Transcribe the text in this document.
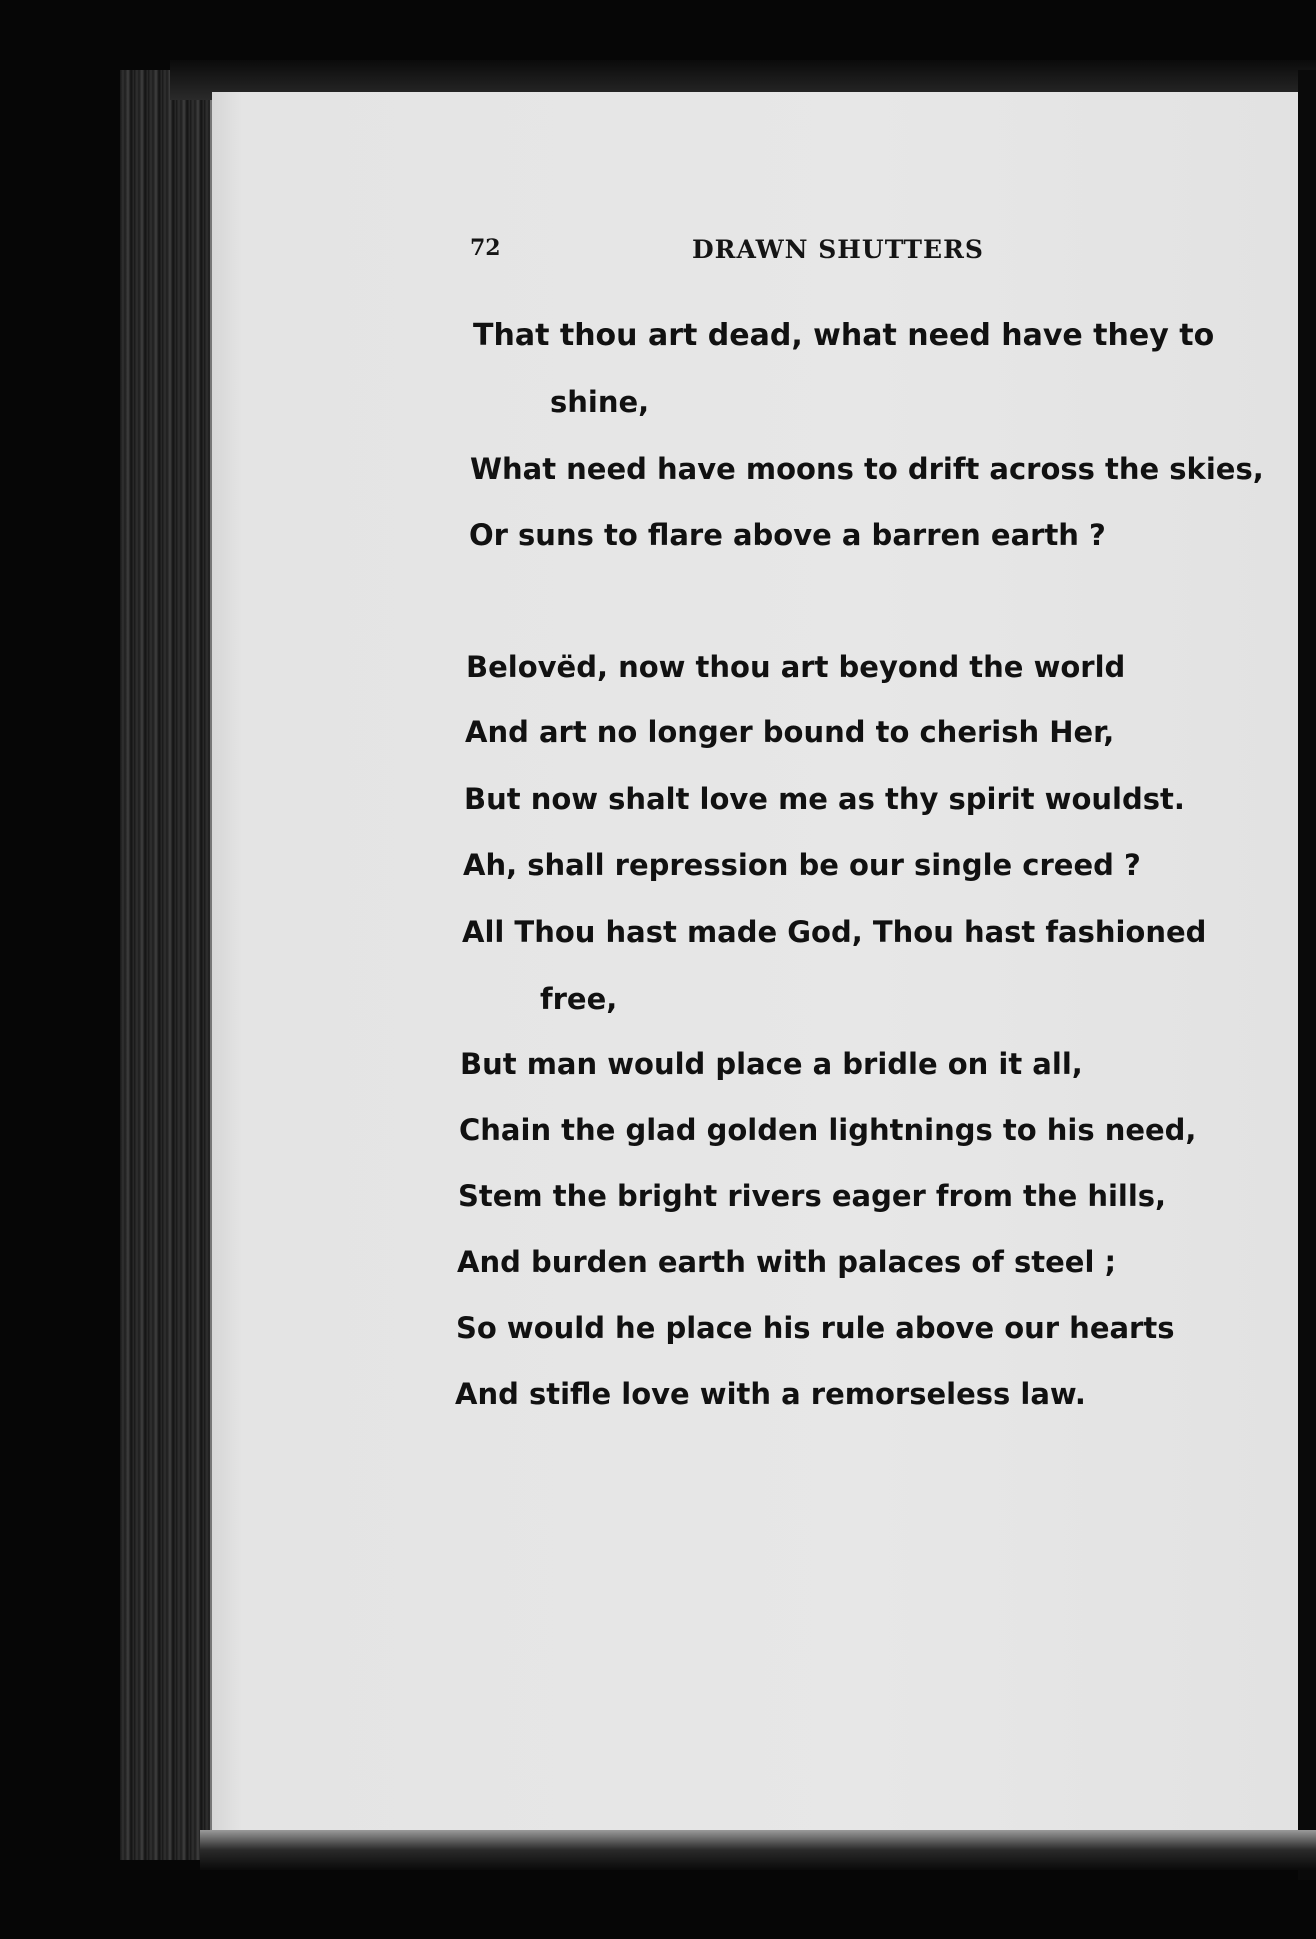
72	DRAWN SHUTTERS
That thou art dead, what need have they to
shine,
What need have moons to drift across the skies,
Or suns to flare above a barren earth ?
Belovëd, now thou art beyond the world
And art no longer bound to cherish Her,
But now shalt love me as thy spirit wouldst.
Ah, shall repression be our single creed ?
All Thou hast made God, Thou hast fashioned
free,
But man would place a bridle on it all,
Chain the glad golden lightnings to his need,
Stem the bright rivers eager from the hills,
And burden earth with palaces of steel ;
So would he place his rule above our hearts
And stifle love with a remorseless law.
